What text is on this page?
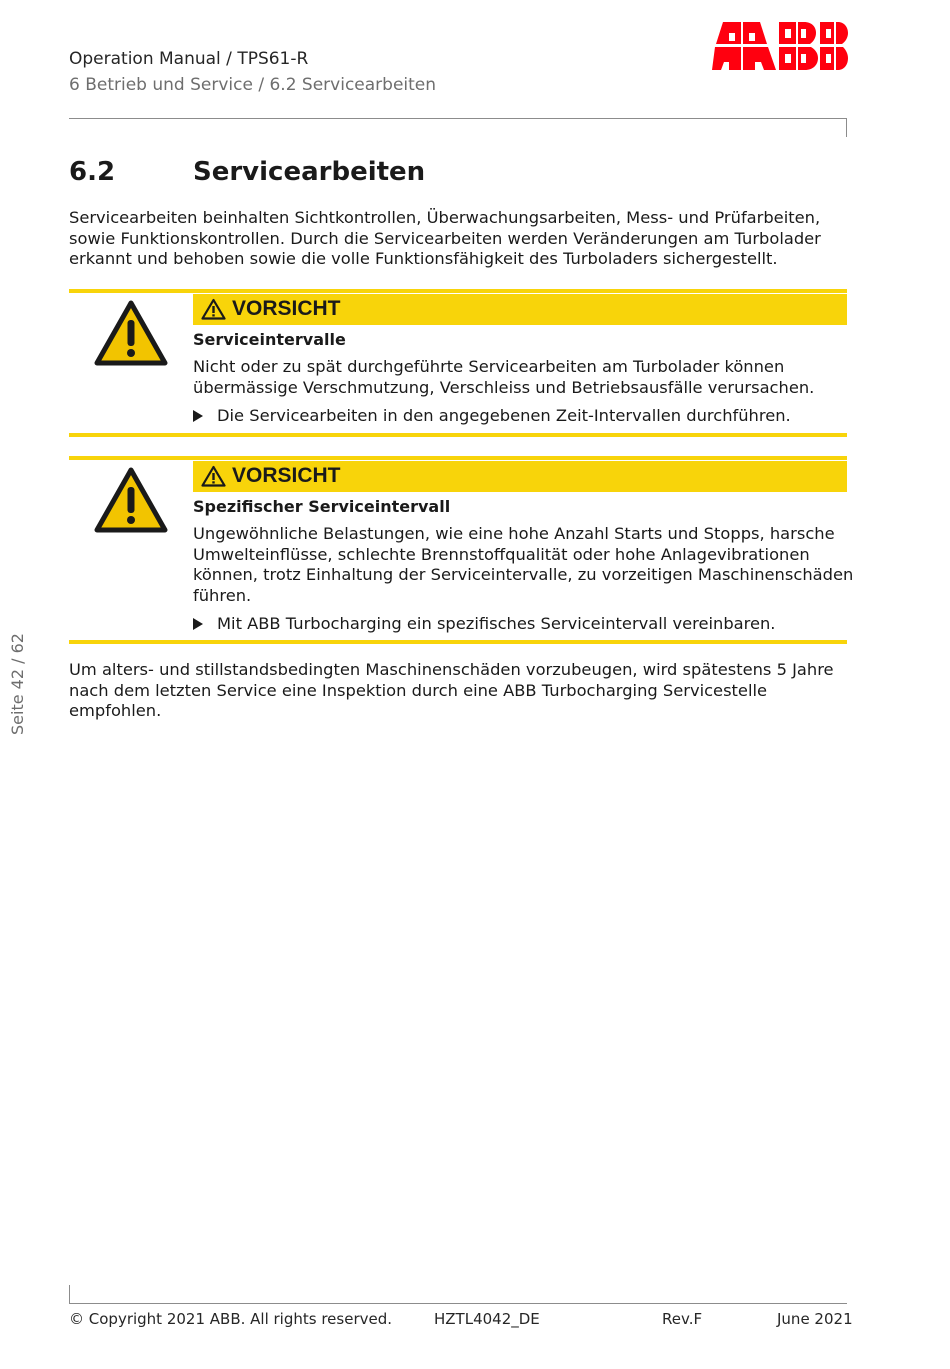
Operation Manual / TPS61-R
6 Betrieb und Service / 6.2 Servicearbeiten
6.2	Servicearbeiten

Servicearbeiten beinhalten Sichtkontrollen, Überwachungsarbeiten, Mess- und Prüfarbeiten, sowie Funktionskontrollen. Durch die Servicearbeiten werden Veränderungen am Turbolader erkannt und behoben sowie die volle Funktionsfähigkeit des Turboladers sichergestellt.

VORSICHT
Serviceintervalle

Nicht oder zu spät durchgeführte Servicearbeiten am Turbolader können übermässige Verschmutzung, Verschleiss und Betriebsausfälle verursachen.

Die Servicearbeiten in den angegebenen Zeit-Intervallen durchführen.
VORSICHT
Spezifischer Serviceintervall

Ungewöhnliche Belastungen, wie eine hohe Anzahl Starts und Stopps, harsche Umwelteinflüsse, schlechte Brennstoffqualität oder hohe Anlagevibrationen können, trotz Einhaltung der Serviceintervalle, zu vorzeitigen Maschinenschäden führen.

Mit ABB Turbocharging ein spezifisches Serviceintervall vereinbaren.

Um alters- und stillstandsbedingten Maschinenschäden vorzubeugen, wird spätestens 5 Jahre nach dem letzten Service eine Inspektion durch eine ABB Turbocharging Servicestelle empfohlen.

Seite 42 / 62
© Copyright 2021 ABB. All rights reserved.	HZTL4042_DE	Rev.F	June 2021
